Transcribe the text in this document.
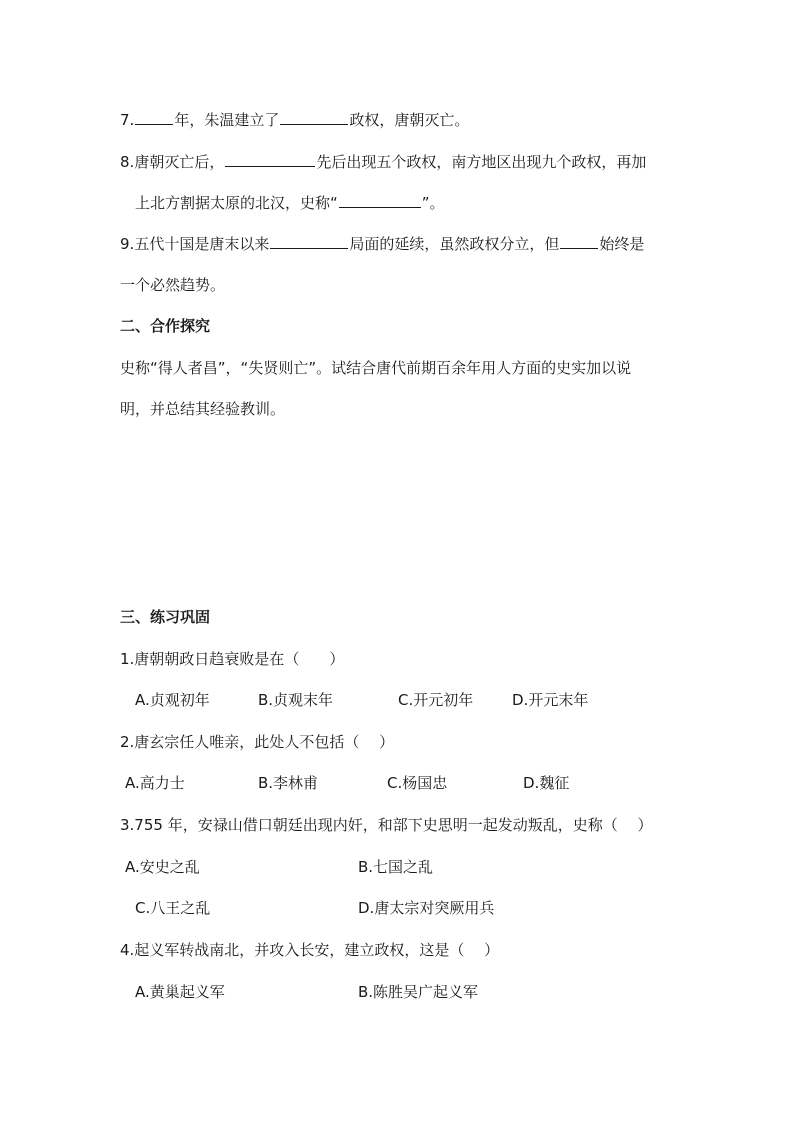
7.	年，朱温建立了	政权，唐朝灭亡。
8.唐朝灭亡后，	先后出现五个政权，南方地区出现九个政权，再加
上北方割据太原的北汉，史称“	”。
9.五代十国是唐末以来	局面的延续，虽然政权分立，但	始终是
一个必然趋势。
二、合作探究
史称“得人者昌”，“失贤则亡”。试结合唐代前期百余年用人方面的史实加以说
明，并总结其经验教训。
三、练习巩固
1.唐朝朝政日趋衰败是在（　　）
A.贞观初年	B.贞观末年	C.开元初年	D.开元末年
2.唐玄宗任人唯亲，此处人不包括（　 ）
A.高力士	B.李林甫	C.杨国忠	D.魏征
3.755 年，安禄山借口朝廷出现内奸，和部下史思明一起发动叛乱，史称（　 ）
A.安史之乱	B.七国之乱
C.八王之乱	D.唐太宗对突厥用兵
4.起义军转战南北，并攻入长安，建立政权，这是（　 ）
A.黄巢起义军	B.陈胜吴广起义军
